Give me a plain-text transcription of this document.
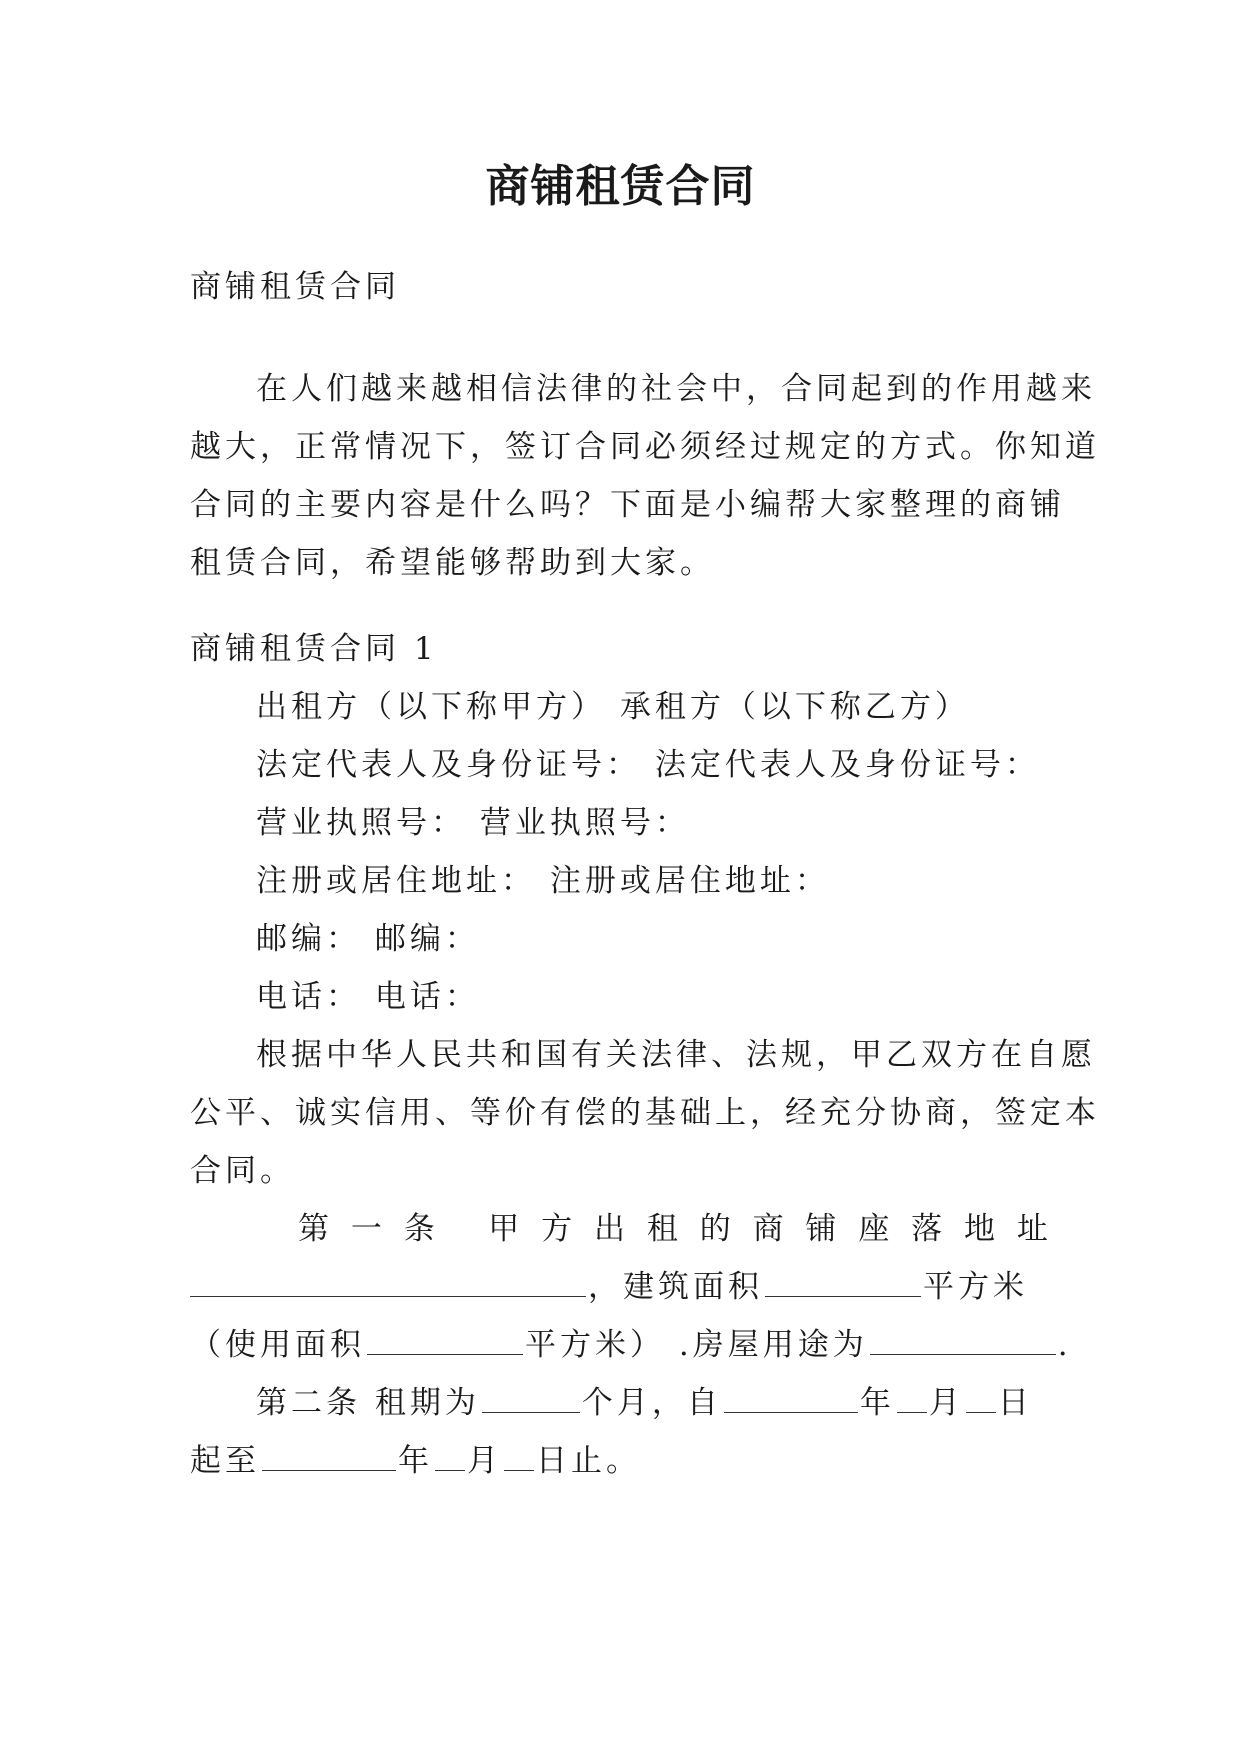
商铺租赁合同
商铺租赁合同
在人们越来越相信法律的社会中，合同起到的作用越来
越大，正常情况下，签订合同必须经过规定的方式。你知道
合同的主要内容是什么吗？下面是小编帮大家整理的商铺
租赁合同，希望能够帮助到大家。
商铺租赁合同 1
出租方（以下称甲方） 承租方（以下称乙方）
法定代表人及身份证号： 法定代表人及身份证号：
营业执照号： 营业执照号：
注册或居住地址： 注册或居住地址：
邮编： 邮编：
电话： 电话：
根据中华人民共和国有关法律、法规，甲乙双方在自愿
公平、诚实信用、等价有偿的基础上，经充分协商，签定本
合同。
第 一 条
甲 方 出 租 的 商 铺 座 落 地 址
，建筑面积	平方米
（使用面积	平方米） .房屋用途为	.
第二条 租期为	个月，自	年 月 日
起至	年 月 日止。
